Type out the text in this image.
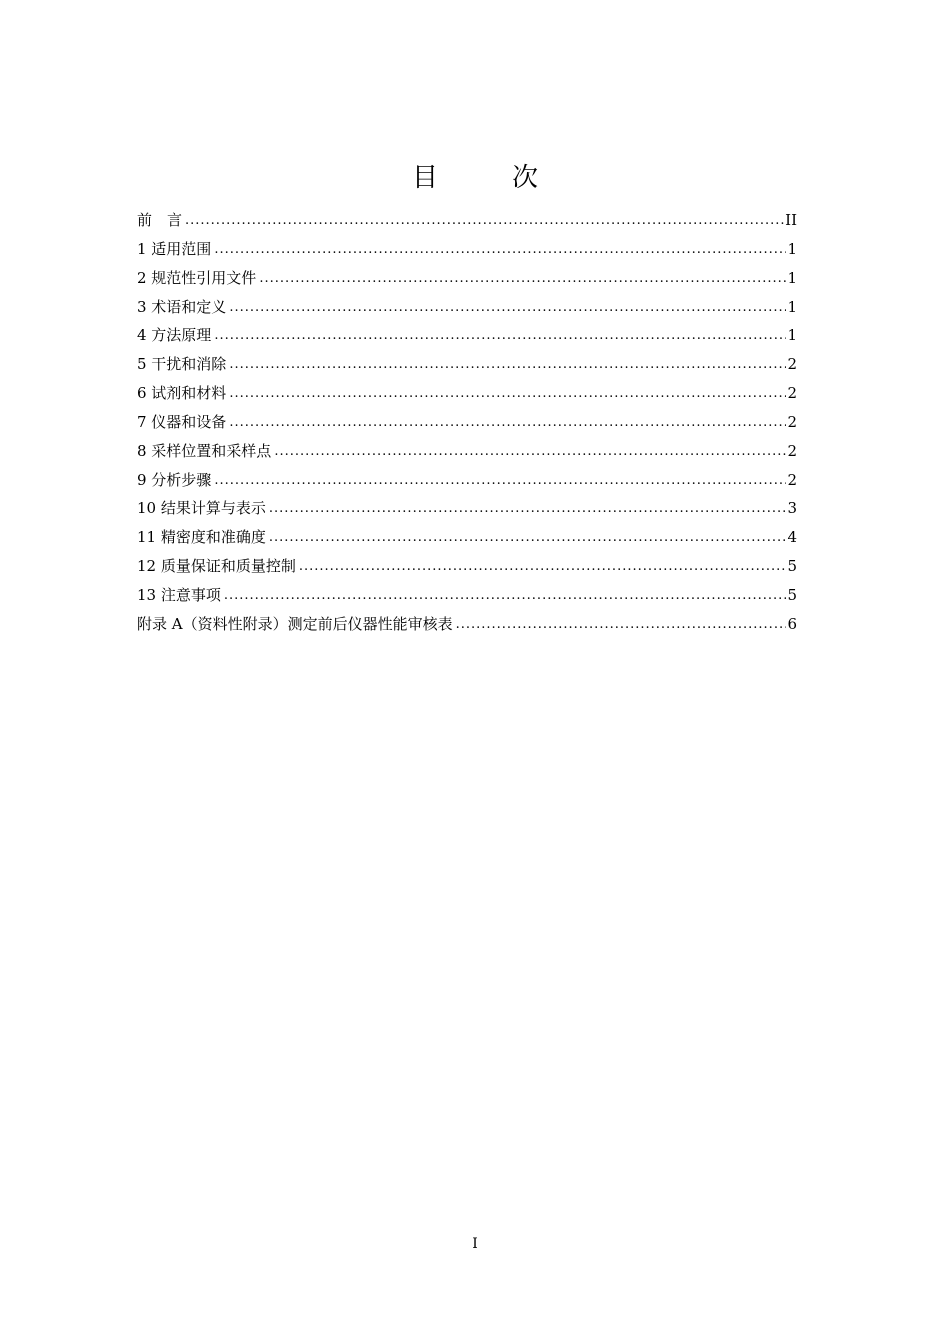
目　次
前　言 .....	II
1 适用范围 .....	1
2 规范性引用文件 .....	1
3 术语和定义 .....	1
4 方法原理 .....	1
5 干扰和消除 .....	2
6 试剂和材料 .....	2
7 仪器和设备 .....	2
8 采样位置和采样点 .....	2
9 分析步骤 .....	2
10 结果计算与表示 .....	3
11 精密度和准确度 .....	4
12 质量保证和质量控制 .....	5
13 注意事项 .....	5
附录 A（资料性附录）测定前后仪器性能审核表 .....	6
I
